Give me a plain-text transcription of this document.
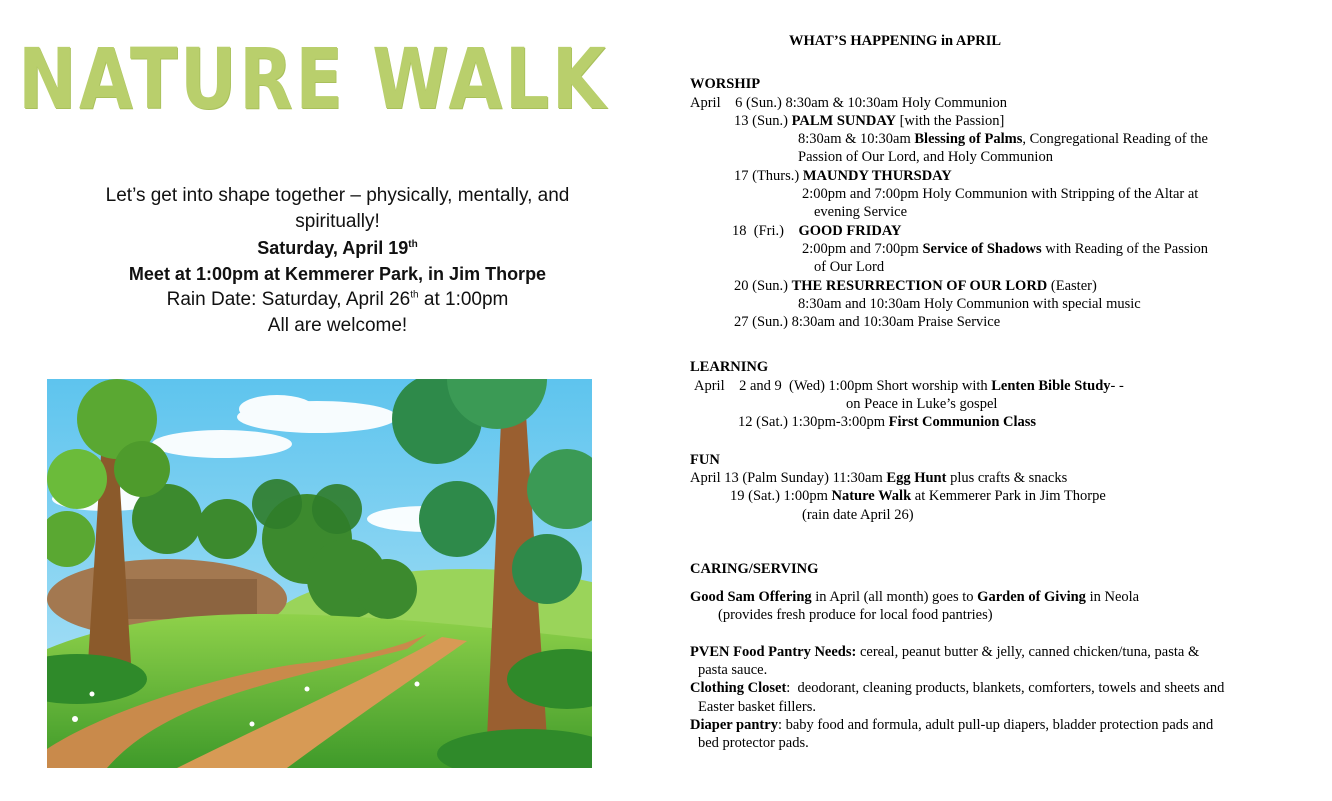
NATURE WALK
Let’s get into shape together – physically, mentally, and
spiritually!
Saturday, April 19th
Meet at 1:00pm at Kemmerer Park, in Jim Thorpe
Rain Date: Saturday, April 26th at 1:00pm
All are welcome!
WHAT’S HAPPENING in APRIL
WORSHIP
April    6 (Sun.) 8:30am & 10:30am Holy Communion
13 (Sun.) PALM SUNDAY [with the Passion]
8:30am & 10:30am Blessing of Palms, Congregational Reading of the
Passion of Our Lord, and Holy Communion
17 (Thurs.) MAUNDY THURSDAY
2:00pm and 7:00pm Holy Communion with Stripping of the Altar at
evening Service
18  (Fri.)    GOOD FRIDAY
2:00pm and 7:00pm Service of Shadows with Reading of the Passion
of Our Lord
20 (Sun.) THE RESURRECTION OF OUR LORD (Easter)
8:30am and 10:30am Holy Communion with special music
27 (Sun.) 8:30am and 10:30am Praise Service
LEARNING
April    2 and 9  (Wed) 1:00pm Short worship with Lenten Bible Study- -
on Peace in Luke’s gospel
12 (Sat.) 1:30pm-3:00pm First Communion Class
FUN
April 13 (Palm Sunday) 11:30am Egg Hunt plus crafts & snacks
19 (Sat.) 1:00pm Nature Walk at Kemmerer Park in Jim Thorpe
(rain date April 26)
CARING/SERVING
Good Sam Offering in April (all month) goes to Garden of Giving in Neola
(provides fresh produce for local food pantries)
PVEN Food Pantry Needs: cereal, peanut butter & jelly, canned chicken/tuna, pasta &
pasta sauce.
Clothing Closet:  deodorant, cleaning products, blankets, comforters, towels and sheets and
Easter basket fillers.
Diaper pantry: baby food and formula, adult pull-up diapers, bladder protection pads and
bed protector pads.
